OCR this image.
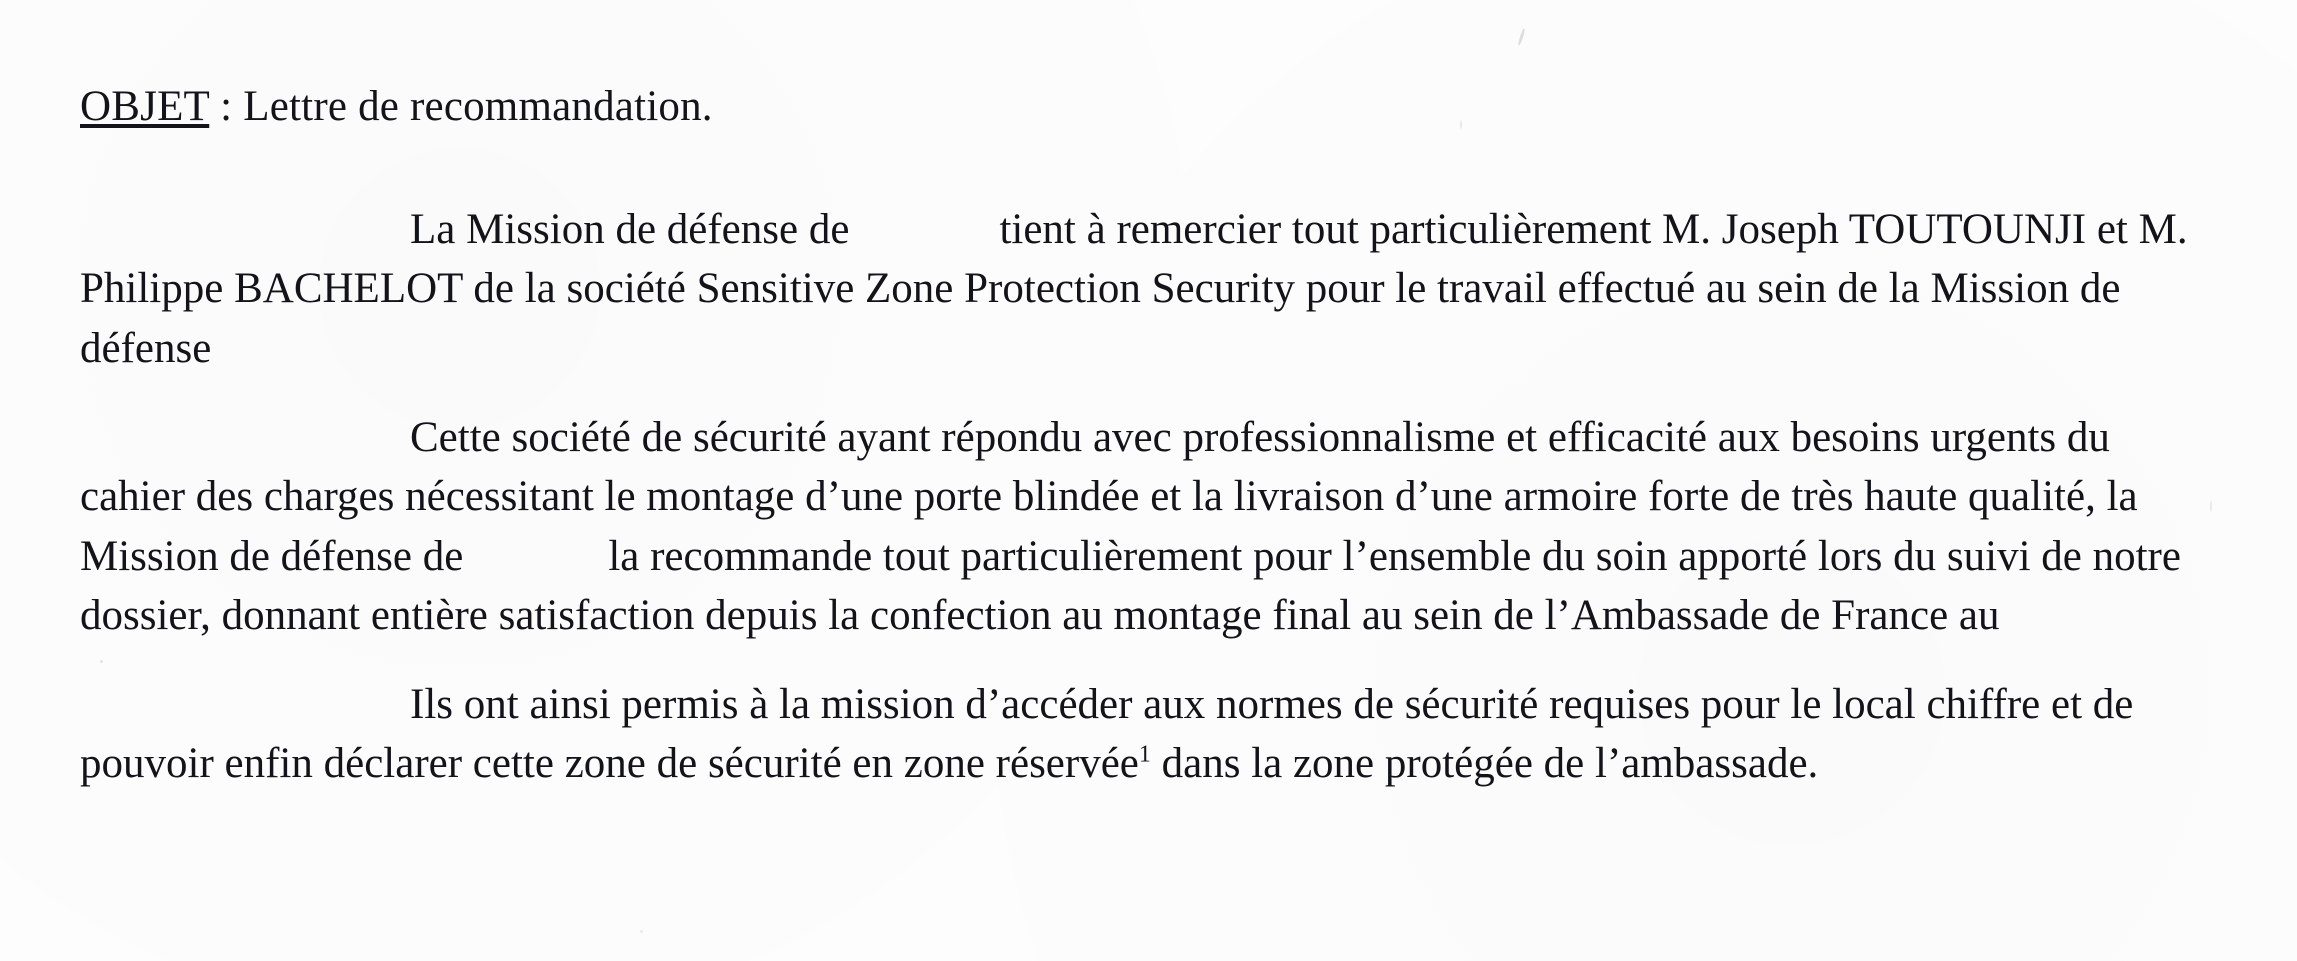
OBJET : Lettre de recommandation.

La Mission de défense de	tient à remercier tout particulièrement M. Joseph TOUTOUNJI et M. Philippe BACHELOT de la société Sensitive Zone Protection Security pour le travail effectué au sein de la Mission de défense

Cette société de sécurité ayant répondu avec professionnalisme et efficacité aux besoins urgents du cahier des charges nécessitant le montage d’une porte blindée et la livraison d’une armoire forte de très haute qualité, la Mission de défense de	la recommande tout particulièrement pour l’ensemble du soin apporté lors du suivi de notre dossier, donnant entière satisfaction depuis la confection au montage final au sein de l’Ambassade de France au

Ils ont ainsi permis à la mission d’accéder aux normes de sécurité requises pour le local chiffre et de pouvoir enfin déclarer cette zone de sécurité en zone réservée$^1$ dans la zone protégée de l’ambassade.
